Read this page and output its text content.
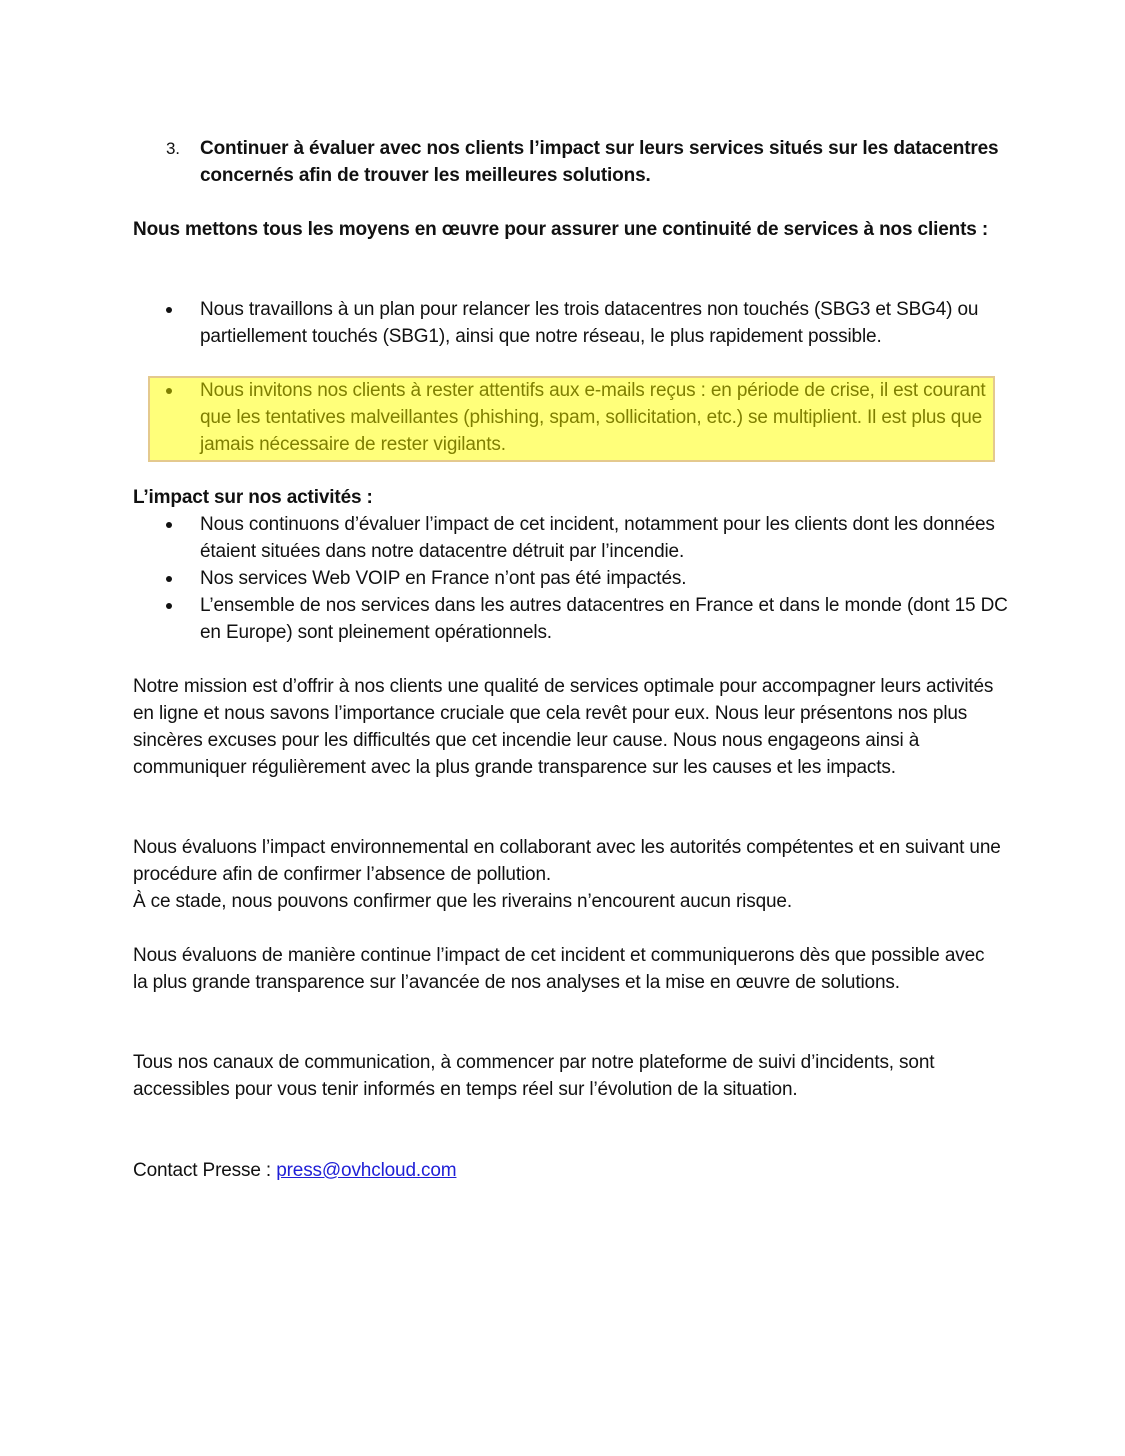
3. Continuer à évaluer avec nos clients l’impact sur leurs services situés sur les datacentres concernés afin de trouver les meilleures solutions.
Nous mettons tous les moyens en œuvre pour assurer une continuité de services à nos clients :
Nous travaillons à un plan pour relancer les trois datacentres non touchés (SBG3 et SBG4) ou partiellement touchés (SBG1), ainsi que notre réseau, le plus rapidement possible.
Nous invitons nos clients à rester attentifs aux e-mails reçus : en période de crise, il est courant que les tentatives malveillantes (phishing, spam, sollicitation, etc.) se multiplient. Il est plus que jamais nécessaire de rester vigilants.
L’impact sur nos activités :
Nous continuons d’évaluer l’impact de cet incident, notamment pour les clients dont les données étaient situées dans notre datacentre détruit par l’incendie.
Nos services Web VOIP en France n’ont pas été impactés.
L’ensemble de nos services dans les autres datacentres en France et dans le monde (dont 15 DC en Europe) sont pleinement opérationnels.
Notre mission est d’offrir à nos clients une qualité de services optimale pour accompagner leurs activités en ligne et nous savons l’importance cruciale que cela revêt pour eux. Nous leur présentons nos plus sincères excuses pour les difficultés que cet incendie leur cause. Nous nous engageons ainsi à communiquer régulièrement avec la plus grande transparence sur les causes et les impacts.
Nous évaluons l’impact environnemental en collaborant avec les autorités compétentes et en suivant une procédure afin de confirmer l’absence de pollution.
À ce stade, nous pouvons confirmer que les riverains n’encourent aucun risque.
Nous évaluons de manière continue l’impact de cet incident et communiquerons dès que possible avec la plus grande transparence sur l’avancée de nos analyses et la mise en œuvre de solutions.
Tous nos canaux de communication, à commencer par notre plateforme de suivi d’incidents, sont accessibles pour vous tenir informés en temps réel sur l’évolution de la situation.
Contact Presse : press@ovhcloud.com
